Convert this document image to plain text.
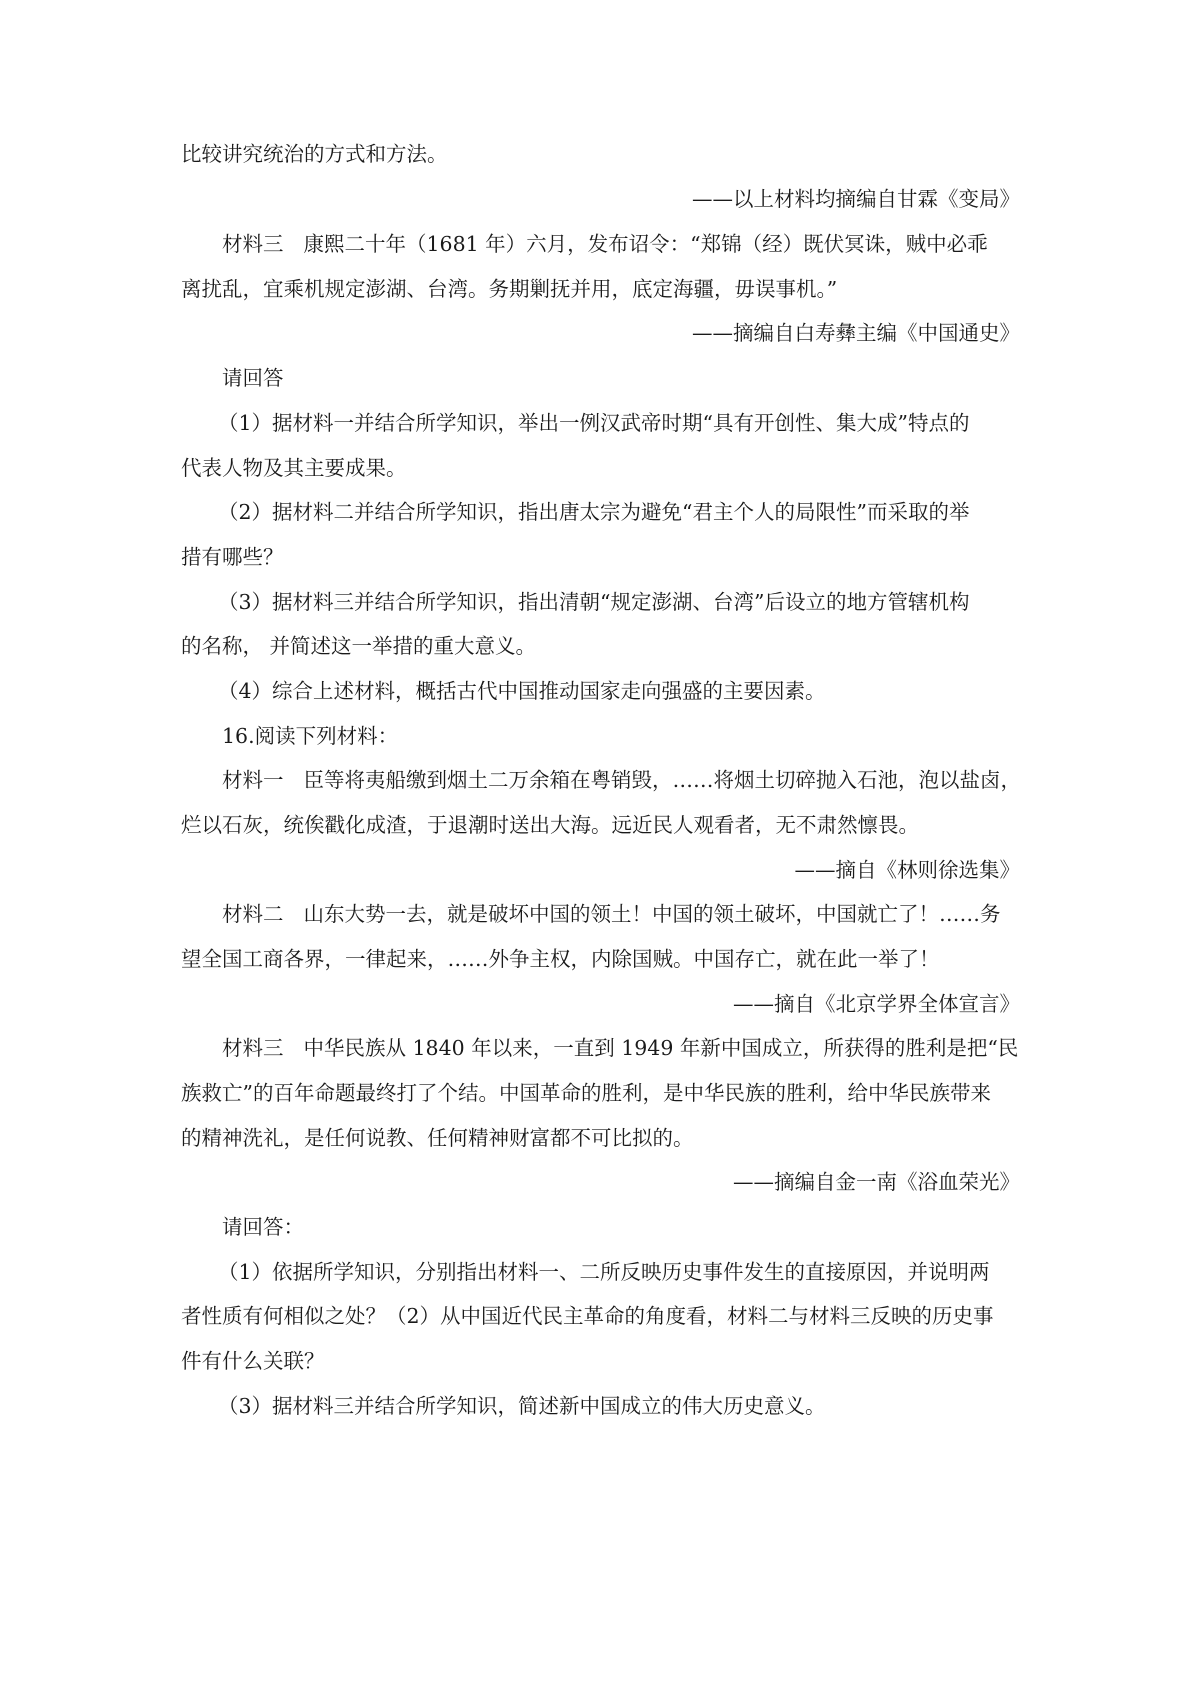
比较讲究统治的方式和方法。
——以上材料均摘编自甘霖《变局》
材料三 康熙二十年（1681 年）六月，发布诏令：“郑锦（经）既伏冥诛，贼中必乖
离扰乱，宜乘机规定澎湖、台湾。务期剿抚并用，底定海疆，毋误事机。”
——摘编自白寿彝主编《中国通史》
请回答
（1）据材料一并结合所学知识，举出一例汉武帝时期“具有开创性、集大成”特点的
代表人物及其主要成果。
（2）据材料二并结合所学知识，指出唐太宗为避免“君主个人的局限性”而采取的举
措有哪些？
（3）据材料三并结合所学知识，指出清朝“规定澎湖、台湾”后设立的地方管辖机构
的名称， 并简述这一举措的重大意义。
（4）综合上述材料，概括古代中国推动国家走向强盛的主要因素。
16.阅读下列材料：
材料一 臣等将夷船缴到烟土二万余箱在粤销毁，……将烟土切碎抛入石池，泡以盐卤，
烂以石灰，统俟戳化成渣，于退潮时送出大海。远近民人观看者，无不肃然懔畏。
——摘自《林则徐选集》
材料二 山东大势一去，就是破坏中国的领土！中国的领土破坏，中国就亡了！……务
望全国工商各界，一律起来，……外争主权，内除国贼。中国存亡，就在此一举了！
——摘自《北京学界全体宣言》
材料三 中华民族从 1840 年以来，一直到 1949 年新中国成立，所获得的胜利是把“民
族救亡”的百年命题最终打了个结。中国革命的胜利，是中华民族的胜利，给中华民族带来
的精神洗礼，是任何说教、任何精神财富都不可比拟的。
——摘编自金一南《浴血荣光》
请回答：
（1）依据所学知识，分别指出材料一、二所反映历史事件发生的直接原因，并说明两
者性质有何相似之处？（2）从中国近代民主革命的角度看，材料二与材料三反映的历史事
件有什么关联？
（3）据材料三并结合所学知识，简述新中国成立的伟大历史意义。
